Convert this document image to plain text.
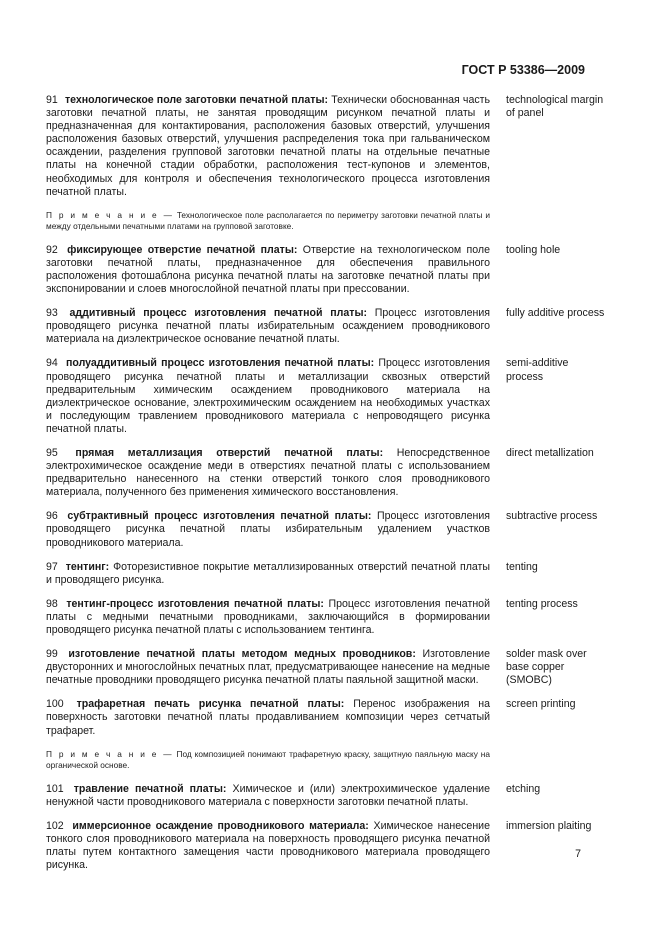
ГОСТ Р 53386—2009
91 технологическое поле заготовки печатной платы: Технически обоснованная часть заготовки печатной платы, не занятая проводящим рисунком печатной платы и предназначенная для контактирования, расположения базовых отверстий, улучшения расположения базовых отверстий, улучшения распределения тока при гальваническом осаждении, разделения групповой заготовки печатной платы на отдельные печатные платы на конечной стадии обработки, расположения тест-купонов и элементов, необходимых для контроля и обеспечения технологического процесса изготовления печатной платы.
technological margin of panel
П р и м е ч а н и е — Технологическое поле располагается по периметру заготовки печатной платы и между отдельными печатными платами на групповой заготовке.
92 фиксирующее отверстие печатной платы: Отверстие на технологическом поле заготовки печатной платы, предназначенное для обеспечения правильного расположения фотошаблона рисунка печатной платы на заготовке печатной платы при экспонировании и слоев многослойной печатной платы при прессовании.
tooling hole
93 аддитивный процесс изготовления печатной платы: Процесс изготовления проводящего рисунка печатной платы избирательным осаждением проводникового материала на диэлектрическое основание печатной платы.
fully additive process
94 полуаддитивный процесс изготовления печатной платы: Процесс изготовления проводящего рисунка печатной платы и металлизации сквозных отверстий предварительным химическим осаждением проводникового материала на диэлектрическое основание, электрохимическим осаждением на необходимых участках и последующим травлением проводникового материала с непроводящего рисунка печатной платы.
semi-additive process
95 прямая металлизация отверстий печатной платы: Непосредственное электрохимическое осаждение меди в отверстиях печатной платы с использованием предварительно нанесенного на стенки отверстий тонкого слоя проводникового материала, полученного без применения химического восстановления.
direct metallization
96 субтрактивный процесс изготовления печатной платы: Процесс изготовления проводящего рисунка печатной платы избирательным удалением участков проводникового материала.
subtractive process
97 тентинг: Фоторезистивное покрытие металлизированных отверстий печатной платы и проводящего рисунка.
tenting
98 тентинг-процесс изготовления печатной платы: Процесс изготовления печатной платы с медными печатными проводниками, заключающийся в формировании проводящего рисунка печатной платы с использованием тентинга.
tenting process
99 изготовление печатной платы методом медных проводников: Изготовление двусторонних и многослойных печатных плат, предусматривающее нанесение на медные печатные проводники проводящего рисунка печатной платы паяльной защитной маски.
solder mask over base copper (SMOBC)
100 трафаретная печать рисунка печатной платы: Перенос изображения на поверхность заготовки печатной платы продавливанием композиции через сетчатый трафарет.
screen printing
П р и м е ч а н и е — Под композицией понимают трафаретную краску, защитную паяльную маску на органической основе.
101 травление печатной платы: Химическое и (или) электрохимическое удаление ненужной части проводникового материала с поверхности заготовки печатной платы.
etching
102 иммерсионное осаждение проводникового материала: Химическое нанесение тонкого слоя проводникового материала на поверхность проводящего рисунка печатной платы путем контактного замещения части проводникового материала проводящего рисунка.
immersion plaiting
7
